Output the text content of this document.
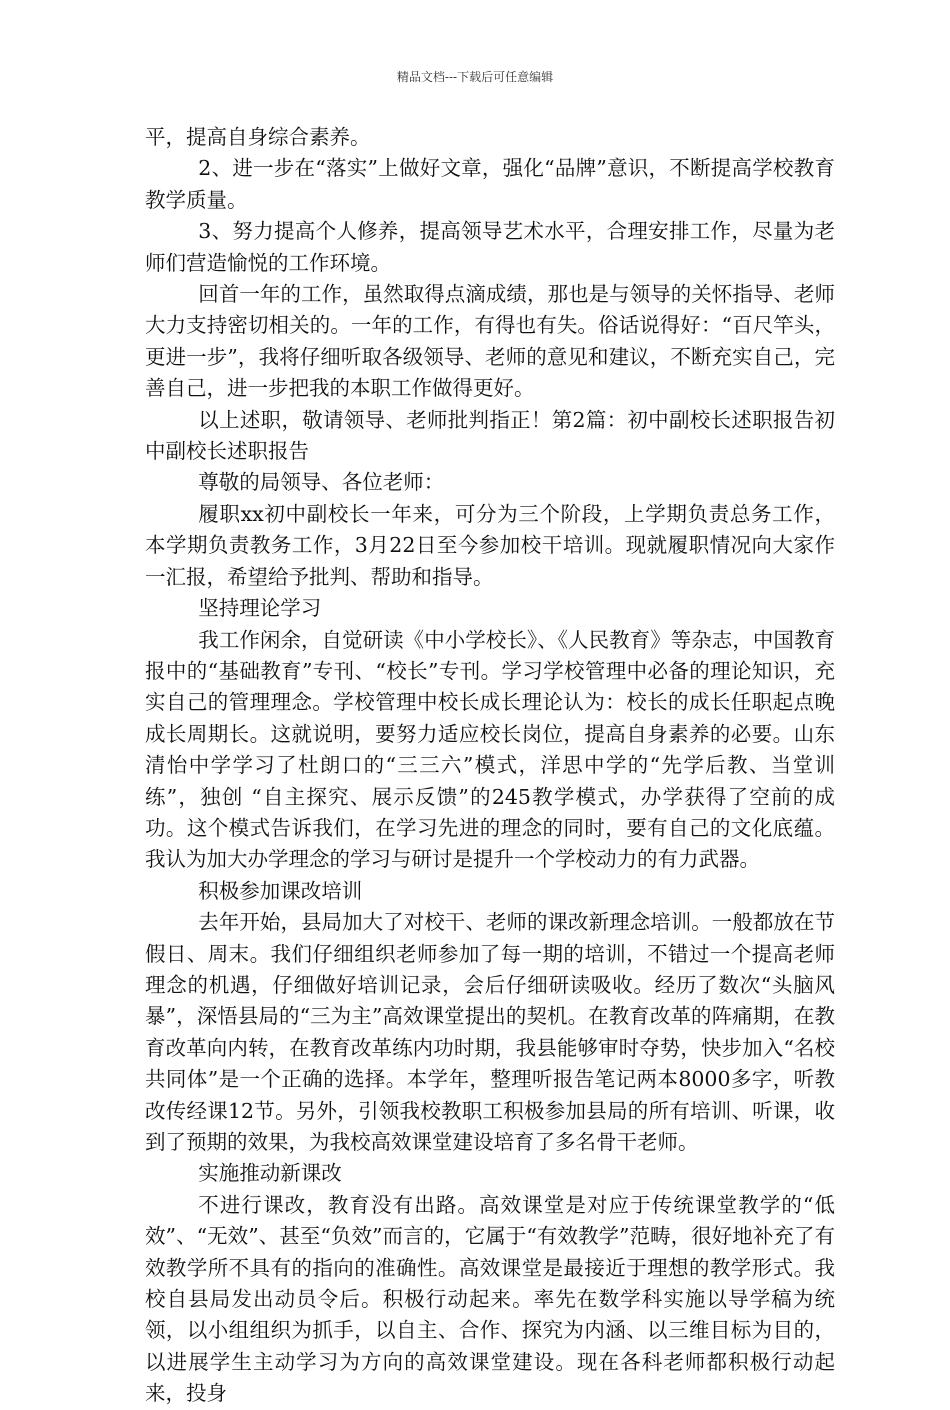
精品文档---下载后可任意编辑

平，提高自身综合素养。

2、进一步在“落实”上做好文章，强化“品牌”意识，不断提高学校教育教学质量。

3、努力提高个人修养，提高领导艺术水平，合理安排工作，尽量为老师们营造愉悦的工作环境。

回首一年的工作，虽然取得点滴成绩，那也是与领导的关怀指导、老师大力支持密切相关的。一年的工作，有得也有失。俗话说得好：“百尺竿头，更进一步”，我将仔细听取各级领导、老师的意见和建议，不断充实自己，完善自己，进一步把我的本职工作做得更好。

以上述职，敬请领导、老师批判指正！第2篇：初中副校长述职报告初中副校长述职报告

尊敬的局领导、各位老师：

履职xx初中副校长一年来，可分为三个阶段，上学期负责总务工作，本学期负责教务工作，3月22日至今参加校干培训。现就履职情况向大家作一汇报，希望给予批判、帮助和指导。

坚持理论学习

我工作闲余，自觉研读《中小学校长》、《人民教育》等杂志，中国教育报中的“基础教育”专刊、“校长”专刊。学习学校管理中必备的理论知识，充实自己的管理理念。学校管理中校长成长理论认为：校长的成长任职起点晚成长周期长。这就说明，要努力适应校长岗位，提高自身素养的必要。山东清怡中学学习了杜朗口的“三三六”模式，洋思中学的“先学后教、当堂训练”，独创 “自主探究、展示反馈”的245教学模式，办学获得了空前的成功。这个模式告诉我们，在学习先进的理念的同时，要有自己的文化底蕴。我认为加大办学理念的学习与研讨是提升一个学校动力的有力武器。

积极参加课改培训

去年开始，县局加大了对校干、老师的课改新理念培训。一般都放在节假日、周末。我们仔细组织老师参加了每一期的培训，不错过一个提高老师理念的机遇，仔细做好培训记录，会后仔细研读吸收。经历了数次“头脑风暴”，深悟县局的“三为主”高效课堂提出的契机。在教育改革的阵痛期，在教育改革向内转，在教育改革练内功时期，我县能够审时夺势，快步加入“名校共同体”是一个正确的选择。本学年，整理听报告笔记两本8000多字，听教改传经课12节。另外，引领我校教职工积极参加县局的所有培训、听课，收到了预期的效果，为我校高效课堂建设培育了多名骨干老师。

实施推动新课改

不进行课改，教育没有出路。高效课堂是对应于传统课堂教学的“低效”、“无效”、甚至“负效”而言的，它属于“有效教学”范畴，很好地补充了有效教学所不具有的指向的准确性。高效课堂是最接近于理想的教学形式。我校自县局发出动员令后。积极行动起来。率先在数学科实施以导学稿为统领，以小组组织为抓手，以自主、合作、探究为内涵、以三维目标为目的，以进展学生主动学习为方向的高效课堂建设。现在各科老师都积极行动起来，投身
